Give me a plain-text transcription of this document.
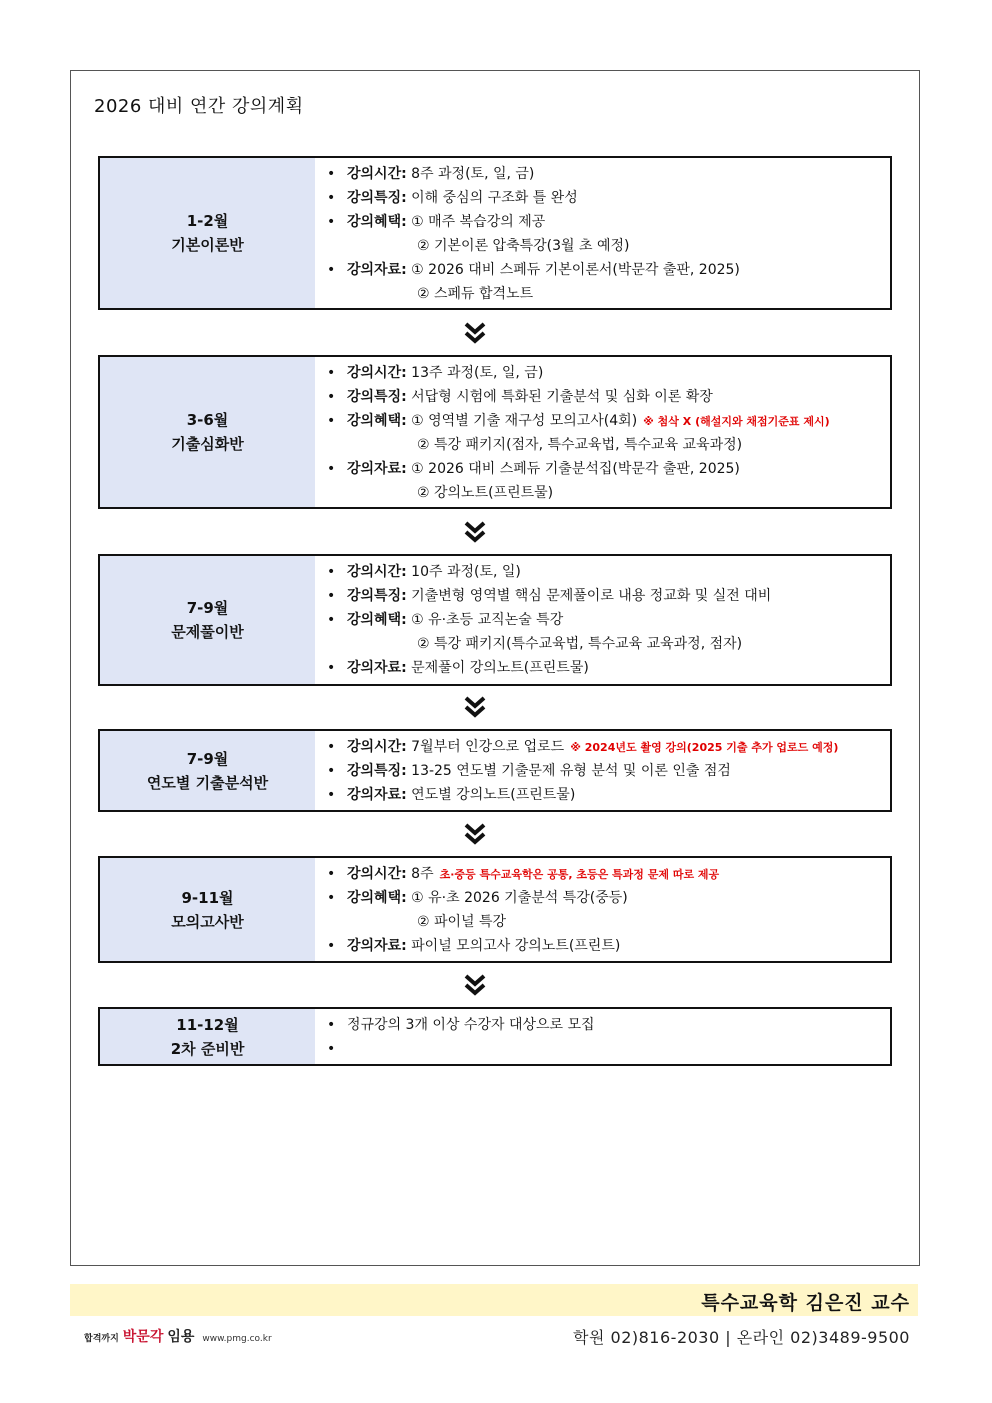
2026 대비 연간 강의계획
1-2월
기본이론반
• 강의시간: 8주 과정(토, 일, 금)
• 강의특징: 이해 중심의 구조화 틀 완성
• 강의혜택: ① 매주 복습강의 제공
② 기본이론 압축특강(3월 초 예정)
• 강의자료: ① 2026 대비 스페듀 기본이론서(박문각 출판, 2025)
② 스페듀 합격노트
3-6월
기출심화반
• 강의시간: 13주 과정(토, 일, 금)
• 강의특징: 서답형 시험에 특화된 기출분석 및 심화 이론 확장
• 강의혜택: ① 영역별 기출 재구성 모의고사(4회) ※ 첨삭 X (해설지와 채점기준표 제시)
② 특강 패키지(점자, 특수교육법, 특수교육 교육과정)
• 강의자료: ① 2026 대비 스페듀 기출분석집(박문각 출판, 2025)
② 강의노트(프린트물)
7-9월
문제풀이반
• 강의시간: 10주 과정(토, 일)
• 강의특징: 기출변형 영역별 핵심 문제풀이로 내용 정교화 및 실전 대비
• 강의혜택: ① 유·초등 교직논술 특강
② 특강 패키지(특수교육법, 특수교육 교육과정, 점자)
• 강의자료: 문제풀이 강의노트(프린트물)
7-9월
연도별 기출분석반
• 강의시간: 7월부터 인강으로 업로드 ※ 2024년도 촬영 강의(2025 기출 추가 업로드 예정)
• 강의특징: 13-25 연도별 기출문제 유형 분석 및 이론 인출 점검
• 강의자료: 연도별 강의노트(프린트물)
9-11월
모의고사반
• 강의시간: 8주 초·중등 특수교육학은 공통, 초등은 특과정 문제 따로 제공
• 강의혜택: ① 유·초 2026 기출분석 특강(중등)
② 파이널 특강
• 강의자료: 파이널 모의고사 강의노트(프린트)
11-12월
2차 준비반
• 정규강의 3개 이상 수강자 대상으로 모집
•
특수교육학 김은진 교수
합격까지 박문각 임용 www.pmg.co.kr	학원 02)816-2030 | 온라인 02)3489-9500
